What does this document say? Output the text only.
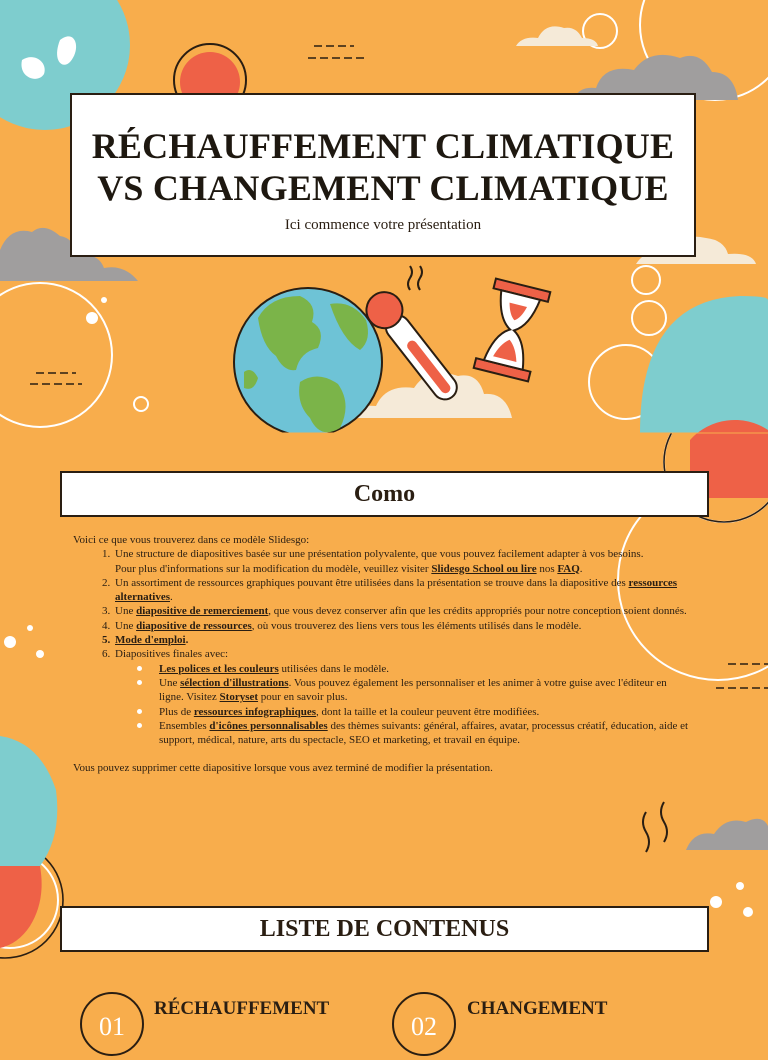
RÉCHAUFFEMENT CLIMATIQUE
VS CHANGEMENT CLIMATIQUE
Ici commence votre présentation
Como

Voici ce que vous trouverez dans ce modèle Slidesgo:

1. Une structure de diapositives basée sur une présentation polyvalente, que vous pouvez facilement adapter à vos besoins.
Pour plus d'informations sur la modification du modèle, veuillez visiter Slidesgo School ou lire nos FAQ.
2. Un assortiment de ressources graphiques pouvant être utilisées dans la présentation se trouve dans la diapositive des ressources alternatives.
3. Une diapositive de remerciement, que vous devez conserver afin que les crédits appropriés pour notre conception soient donnés.
4. Une diapositive de ressources, où vous trouverez des liens vers tous les éléments utilisés dans le modèle.
5. Mode d'emploi.
6. Diapositives finales avec:
Les polices et les couleurs utilisées dans le modèle.
Une sélection d'illustrations. Vous pouvez également les personnaliser et les animer à votre guise avec l'éditeur en ligne. Visitez Storyset pour en savoir plus.
Plus de ressources infographiques, dont la taille et la couleur peuvent être modifiées.
Ensembles d'icônes personnalisables des thèmes suivants: général, affaires, avatar, processus créatif, éducation, aide et support, médical, nature, arts du spectacle, SEO et marketing, et travail en équipe.

Vous pouvez supprimer cette diapositive lorsque vous avez terminé de modifier la présentation.

LISTE DE CONTENUS
01
RÉCHAUFFEMENT
02
CHANGEMENT
